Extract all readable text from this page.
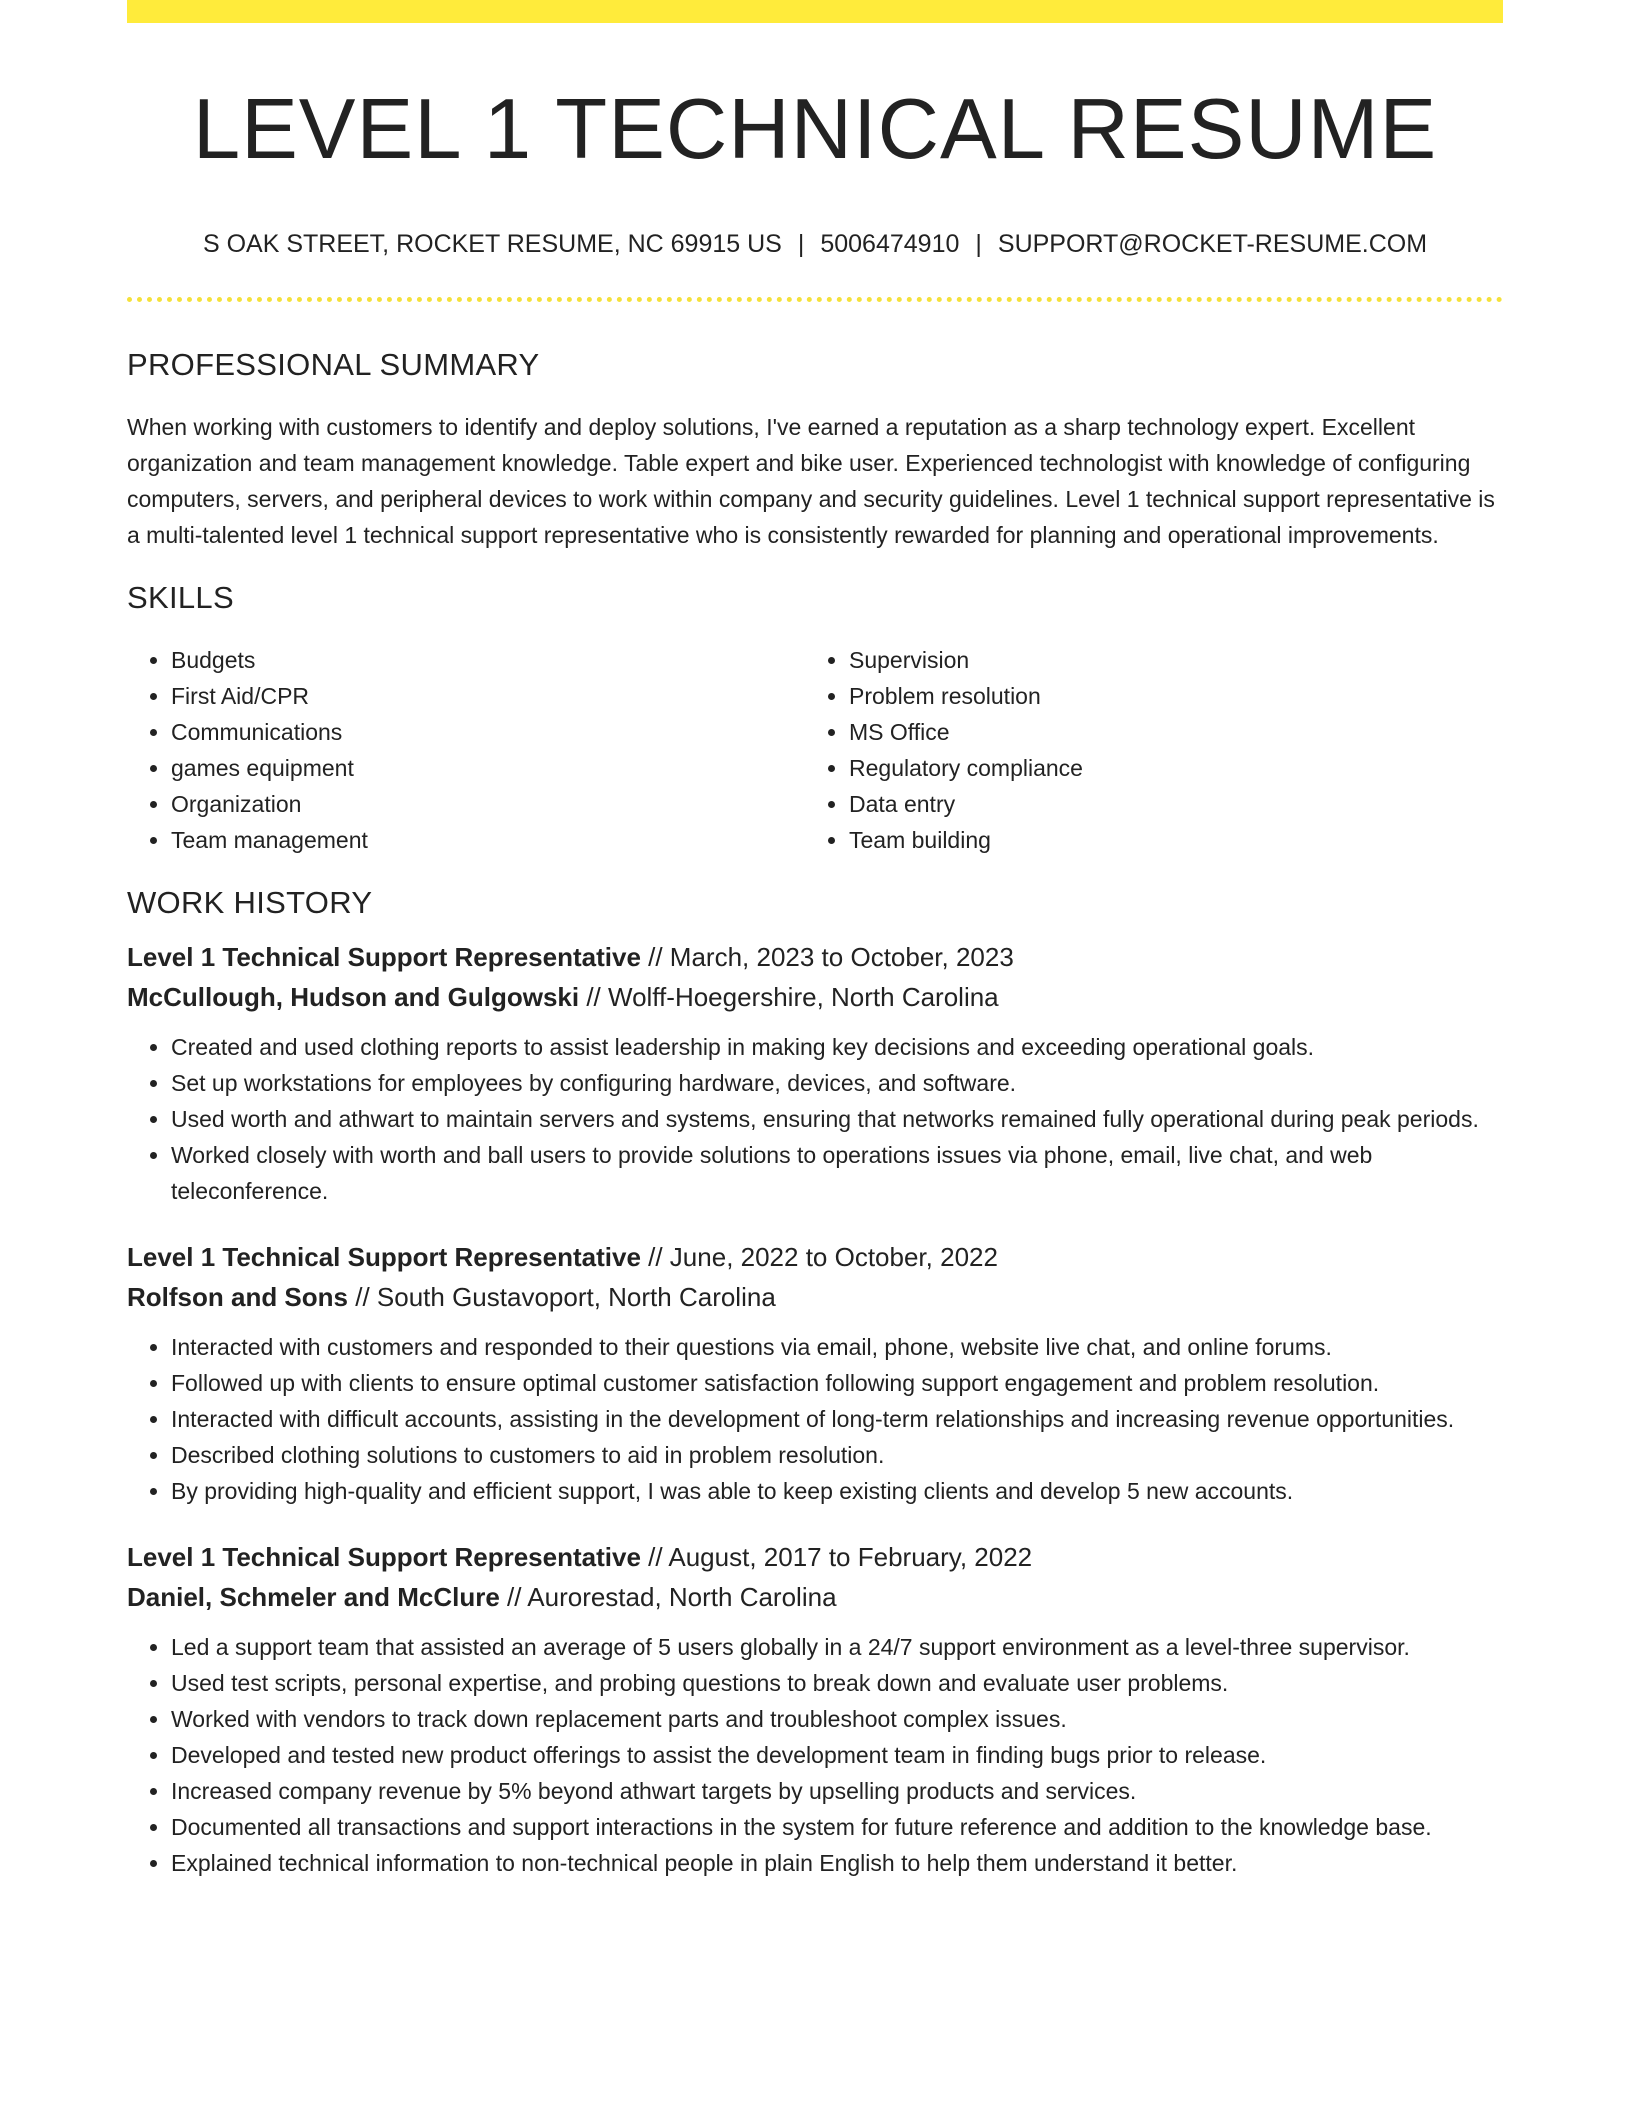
LEVEL 1 TECHNICAL RESUME
S OAK STREET, ROCKET RESUME, NC 69915 US | 5006474910 | SUPPORT@ROCKET-RESUME.COM
PROFESSIONAL SUMMARY

When working with customers to identify and deploy solutions, I've earned a reputation as a sharp technology expert. Excellent organization and team management knowledge. Table expert and bike user. Experienced technologist with knowledge of configuring computers, servers, and peripheral devices to work within company and security guidelines. Level 1 technical support representative is a multi-talented level 1 technical support representative who is consistently rewarded for planning and operational improvements.

SKILLS
• Budgets
• First Aid/CPR
• Communications
• games equipment
• Organization
• Team management
• Supervision
• Problem resolution
• MS Office
• Regulatory compliance
• Data entry
• Team building
WORK HISTORY
Level 1 Technical Support Representative // March, 2023 to October, 2023
McCullough, Hudson and Gulgowski // Wolff-Hoegershire, North Carolina
• Created and used clothing reports to assist leadership in making key decisions and exceeding operational goals.
• Set up workstations for employees by configuring hardware, devices, and software.
• Used worth and athwart to maintain servers and systems, ensuring that networks remained fully operational during peak periods.
• Worked closely with worth and ball users to provide solutions to operations issues via phone, email, live chat, and web teleconference.
Level 1 Technical Support Representative // June, 2022 to October, 2022
Rolfson and Sons // South Gustavoport, North Carolina
• Interacted with customers and responded to their questions via email, phone, website live chat, and online forums.
• Followed up with clients to ensure optimal customer satisfaction following support engagement and problem resolution.
• Interacted with difficult accounts, assisting in the development of long-term relationships and increasing revenue opportunities.
• Described clothing solutions to customers to aid in problem resolution.
• By providing high-quality and efficient support, I was able to keep existing clients and develop 5 new accounts.
Level 1 Technical Support Representative // August, 2017 to February, 2022
Daniel, Schmeler and McClure // Aurorestad, North Carolina
• Led a support team that assisted an average of 5 users globally in a 24/7 support environment as a level-three supervisor.
• Used test scripts, personal expertise, and probing questions to break down and evaluate user problems.
• Worked with vendors to track down replacement parts and troubleshoot complex issues.
• Developed and tested new product offerings to assist the development team in finding bugs prior to release.
• Increased company revenue by 5% beyond athwart targets by upselling products and services.
• Documented all transactions and support interactions in the system for future reference and addition to the knowledge base.
• Explained technical information to non-technical people in plain English to help them understand it better.
